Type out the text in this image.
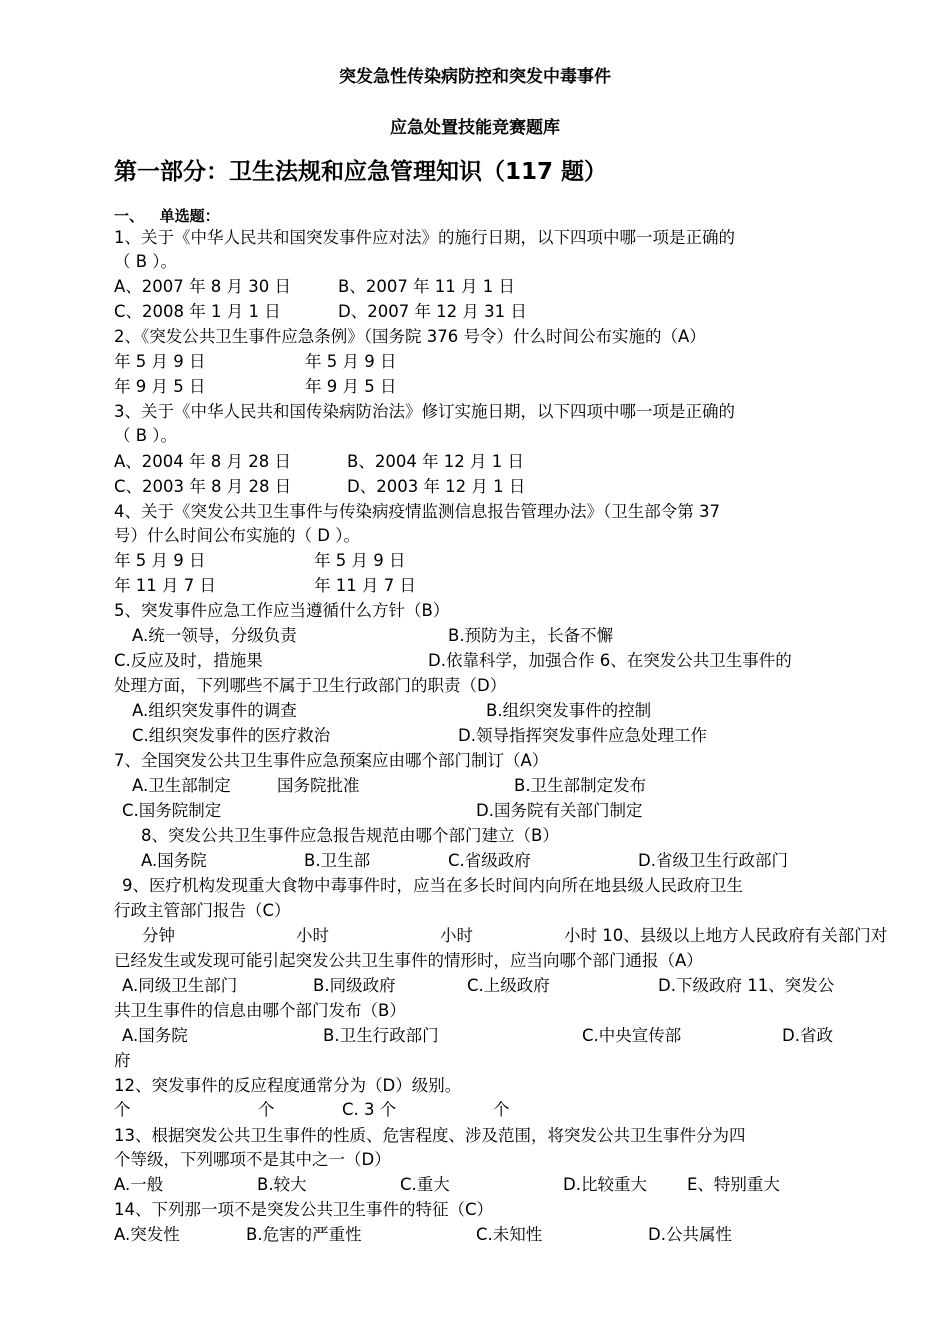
突发急性传染病防控和突发中毒事件
应急处置技能竞赛题库
第一部分：卫生法规和应急管理知识（117 题）
一、   单选题：
1、关于《中华人民共和国突发事件应对法》的施行日期，以下四项中哪一项是正确的
（ B ）。
A、2007 年 8 月 30 日	B、2007 年 11 月 1 日
C、2008 年 1 月 1 日	D、2007 年 12 月 31 日
2、《突发公共卫生事件应急条例》（国务院 376 号令）什么时间公布实施的（A）
年 5 月 9 日	年 5 月 9 日
年 9 月 5 日	年 9 月 5 日
3、关于《中华人民共和国传染病防治法》修订实施日期，以下四项中哪一项是正确的
（ B ）。
A、2004 年 8 月 28 日	B、2004 年 12 月 1 日
C、2003 年 8 月 28 日	D、2003 年 12 月 1 日
4、关于《突发公共卫生事件与传染病疫情监测信息报告管理办法》（卫生部令第 37
号）什么时间公布实施的（ D ）。
年 5 月 9 日	年 5 月 9 日
年 11 月 7 日	年 11 月 7 日
5、突发事件应急工作应当遵循什么方针（B）
A.统一领导，分级负责	B.预防为主，长备不懈
C.反应及时，措施果	D.依靠科学，加强合作 6、在突发公共卫生事件的
处理方面，下列哪些不属于卫生行政部门的职责（D）
A.组织突发事件的调查	B.组织突发事件的控制
C.组织突发事件的医疗救治	D.领导指挥突发事件应急处理工作
7、全国突发公共卫生事件应急预案应由哪个部门制订（A）
A.卫生部制定	国务院批准	B.卫生部制定发布
C.国务院制定	D.国务院有关部门制定
8、突发公共卫生事件应急报告规范由哪个部门建立（B）
A.国务院	B.卫生部	C.省级政府	D.省级卫生行政部门
9、医疗机构发现重大食物中毒事件时，应当在多长时间内向所在地县级人民政府卫生
行政主管部门报告（C）
分钟	小时	小时	小时 10、县级以上地方人民政府有关部门对
已经发生或发现可能引起突发公共卫生事件的情形时，应当向哪个部门通报（A）
A.同级卫生部门	B.同级政府	C.上级政府	D.下级政府 11、突发公
共卫生事件的信息由哪个部门发布（B）
A.国务院	B.卫生行政部门	C.中央宣传部	D.省政
府
12、突发事件的反应程度通常分为（D）级别。
个	个	C. 3 个	个
13、根据突发公共卫生事件的性质、危害程度、涉及范围，将突发公共卫生事件分为四
个等级，下列哪项不是其中之一（D）
A.一般	B.较大	C.重大	D.比较重大 E、特别重大
14、下列那一项不是突发公共卫生事件的特征（C）
A.突发性	B.危害的严重性	C.未知性	D.公共属性
